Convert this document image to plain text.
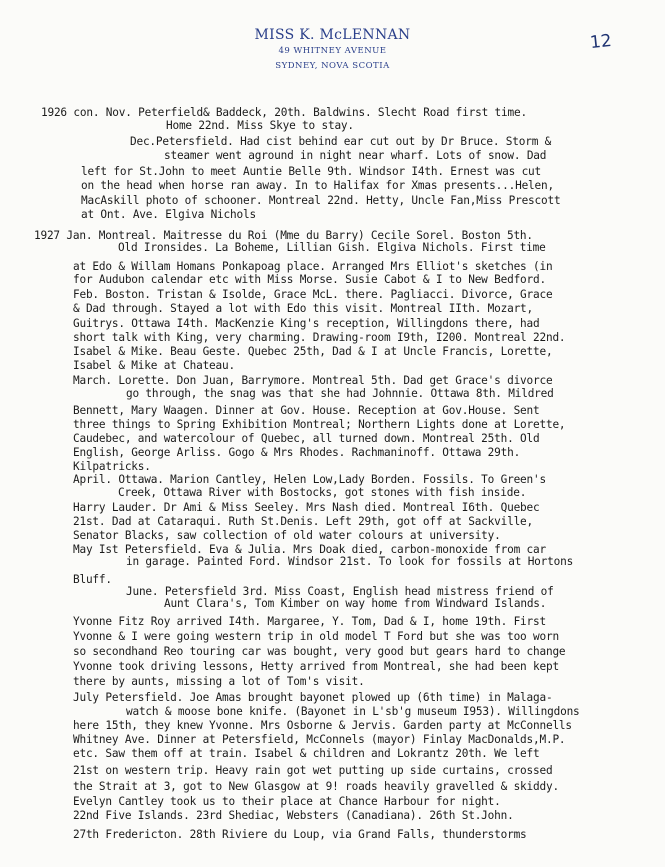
MISS K. McLENNAN
49 WHITNEY AVENUE
SYDNEY, NOVA SCOTIA
12
1926 con. Nov. Peterfield& Baddeck, 20th. Baldwins. Slecht Road first time.
Home 22nd. Miss Skye to stay.
Dec.Petersfield. Had cist behind ear cut out by Dr Bruce. Storm &
steamer went aground in night near wharf. Lots of snow. Dad
left for St.John to meet Auntie Belle 9th. Windsor I4th. Ernest was cut
on the head when horse ran away. In to Halifax for Xmas presents...Helen,
MacAskill photo of schooner. Montreal 22nd. Hetty, Uncle Fan,Miss Prescott
at Ont. Ave. Elgiva Nichols
1927 Jan. Montreal. Maitresse du Roi (Mme du Barry) Cecile Sorel. Boston 5th.
Old Ironsides. La Boheme, Lillian Gish. Elgiva Nichols. First time
at Edo & Willam Homans Ponkapoag place. Arranged Mrs Elliot's sketches (in
for Audubon calendar etc with Miss Morse. Susie Cabot & I to New Bedford.
Feb. Boston. Tristan & Isolde, Grace McL. there. Pagliacci. Divorce, Grace
& Dad through. Stayed a lot with Edo this visit. Montreal IIth. Mozart,
Guitrys. Ottawa I4th. MacKenzie King's reception, Willingdons there, had
short talk with King, very charming. Drawing-room I9th, I200. Montreal 22nd.
Isabel & Mike. Beau Geste. Quebec 25th, Dad & I at Uncle Francis, Lorette,
Isabel & Mike at Chateau.
March. Lorette. Don Juan, Barrymore. Montreal 5th. Dad get Grace's divorce
go through, the snag was that she had Johnnie. Ottawa 8th. Mildred
Bennett, Mary Waagen. Dinner at Gov. House. Reception at Gov.House. Sent
three things to Spring Exhibition Montreal; Northern Lights done at Lorette,
Caudebec, and watercolour of Quebec, all turned down. Montreal 25th. Old
English, George Arliss. Gogo & Mrs Rhodes. Rachmaninoff. Ottawa 29th.
Kilpatricks.
April. Ottawa. Marion Cantley, Helen Low,Lady Borden. Fossils. To Green's
Creek, Ottawa River with Bostocks, got stones with fish inside.
Harry Lauder. Dr Ami & Miss Seeley. Mrs Nash died. Montreal I6th. Quebec
21st. Dad at Cataraqui. Ruth St.Denis. Left 29th, got off at Sackville,
Senator Blacks, saw collection of old water colours at university.
May Ist Petersfield. Eva & Julia. Mrs Doak died, carbon-monoxide from car
in garage. Painted Ford. Windsor 21st. To look for fossils at Hortons
Bluff.
June. Petersfield 3rd. Miss Coast, English head mistress friend of
Aunt Clara's, Tom Kimber on way home from Windward Islands.
Yvonne Fitz Roy arrived I4th. Margaree, Y. Tom, Dad & I, home 19th. First
Yvonne & I were going western trip in old model T Ford but she was too worn
so secondhand Reo touring car was bought, very good but gears hard to change
Yvonne took driving lessons, Hetty arrived from Montreal, she had been kept
there by aunts, missing a lot of Tom's visit.
July Petersfield. Joe Amas brought bayonet plowed up (6th time) in Malaga-
watch & moose bone knife. (Bayonet in L'sb'g museum I953). Willingdons
here 15th, they knew Yvonne. Mrs Osborne & Jervis. Garden party at McConnells
Whitney Ave. Dinner at Petersfield, McConnels (mayor) Finlay MacDonalds,M.P.
etc. Saw them off at train. Isabel & children and Lokrantz 20th. We left
21st on western trip. Heavy rain got wet putting up side curtains, crossed
the Strait at 3, got to New Glasgow at 9! roads heavily gravelled & skiddy.
Evelyn Cantley took us to their place at Chance Harbour for night.
22nd Five Islands. 23rd Shediac, Websters (Canadiana). 26th St.John.
27th Fredericton. 28th Riviere du Loup, via Grand Falls, thunderstorms
